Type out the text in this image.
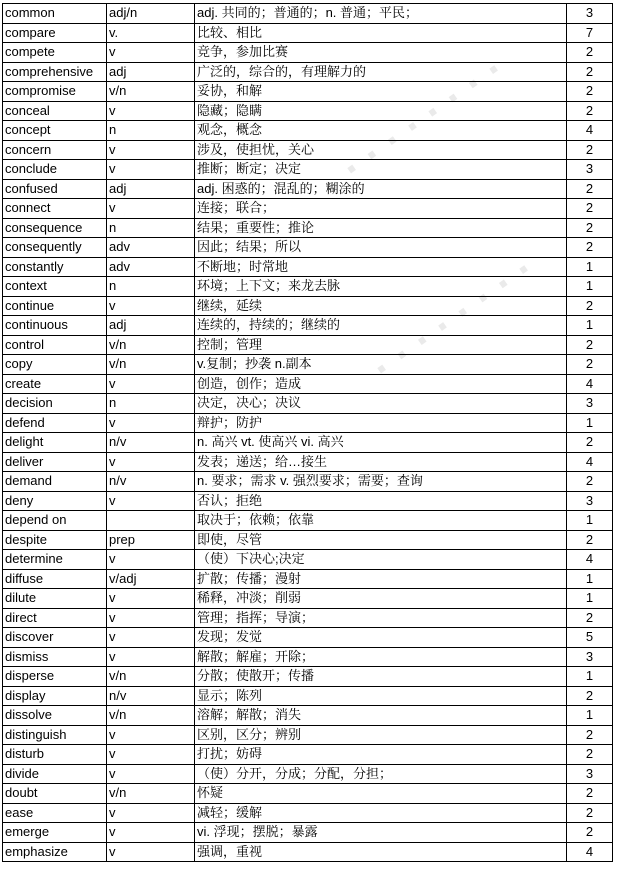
· · · · · · · ·
· · · · · · · ·
common	adj/n	adj. 共同的；普通的；n. 普通；平民；	3
compare	v.	比较、相比	7
compete	v	竞争，参加比赛	2
comprehensive	adj	广泛的，综合的，有理解力的	2
compromise	v/n	妥协，和解	2
conceal	v	隐藏；隐瞒	2
concept	n	观念，概念	4
concern	v	涉及，使担忧，关心	2
conclude	v	推断；断定；决定	3
confused	adj	adj. 困惑的；混乱的；糊涂的	2
connect	v	连接；联合；	2
consequence	n	结果；重要性；推论	2
consequently	adv	因此；结果；所以	2
constantly	adv	不断地；时常地	1
context	n	环境；上下文；来龙去脉	1
continue	v	继续，延续	2
continuous	adj	连续的，持续的；继续的	1
control	v/n	控制；管理	2
copy	v/n	v.复制；抄袭 n.副本	2
create	v	创造，创作；造成	4
decision	n	决定，决心；决议	3
defend	v	辩护；防护	1
delight	n/v	n. 高兴 vt. 使高兴 vi. 高兴	2
deliver	v	发表；递送；给…接生	4
demand	n/v	n. 要求；需求 v. 强烈要求；需要；查询	2
deny	v	否认；拒绝	3
depend on		取决于；依赖；依靠	1
despite	prep	即使，尽管	2
determine	v	（使）下决心;决定	4
diffuse	v/adj	扩散；传播；漫射	1
dilute	v	稀释，冲淡；削弱	1
direct	v	管理；指挥；导演；	2
discover	v	发现；发觉	5
dismiss	v	解散；解雇；开除；	3
disperse	v/n	分散；使散开；传播	1
display	n/v	显示；陈列	2
dissolve	v/n	溶解；解散；消失	1
distinguish	v	区别，区分；辨别	2
disturb	v	打扰；妨碍	2
divide	v	（使）分开，分成；分配，分担；	3
doubt	v/n	怀疑	2
ease	v	减轻；缓解	2
emerge	v	vi. 浮现；摆脱；暴露	2
emphasize	v	强调，重视	4
